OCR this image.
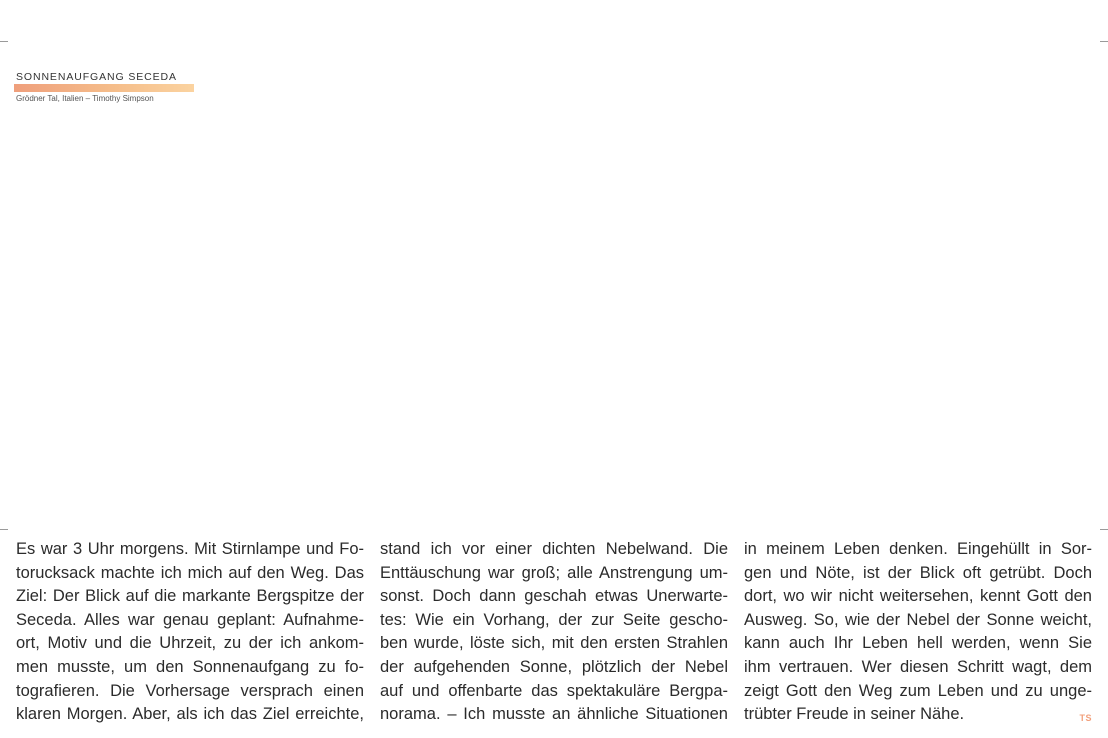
SONNENAUFGANG SECEDA
Grödner Tal, Italien – Timothy Simpson
Es war 3 Uhr morgens. Mit Stirnlampe und Fo-
torucksack machte ich mich auf den Weg. Das
Ziel: Der Blick auf die markante Bergspitze der
Seceda. Alles war genau geplant: Aufnahme-
ort, Motiv und die Uhrzeit, zu der ich ankom-
men musste, um den Sonnenaufgang zu fo-
tografieren. Die Vorhersage versprach einen
klaren Morgen. Aber, als ich das Ziel erreichte,
stand ich vor einer dichten Nebelwand. Die
Enttäuschung war groß; alle Anstrengung um-
sonst. Doch dann geschah etwas Unerwarte-
tes: Wie ein Vorhang, der zur Seite gescho-
ben wurde, löste sich, mit den ersten Strahlen
der aufgehenden Sonne, plötzlich der Nebel
auf und offenbarte das spektakuläre Bergpa-
norama. – Ich musste an ähnliche Situationen
in meinem Leben denken. Eingehüllt in Sor-
gen und Nöte, ist der Blick oft getrübt. Doch
dort, wo wir nicht weitersehen, kennt Gott den
Ausweg. So, wie der Nebel der Sonne weicht,
kann auch Ihr Leben hell werden, wenn Sie
ihm vertrauen. Wer diesen Schritt wagt, dem
zeigt Gott den Weg zum Leben und zu unge-
trübter Freude in seiner Nähe.	TS
